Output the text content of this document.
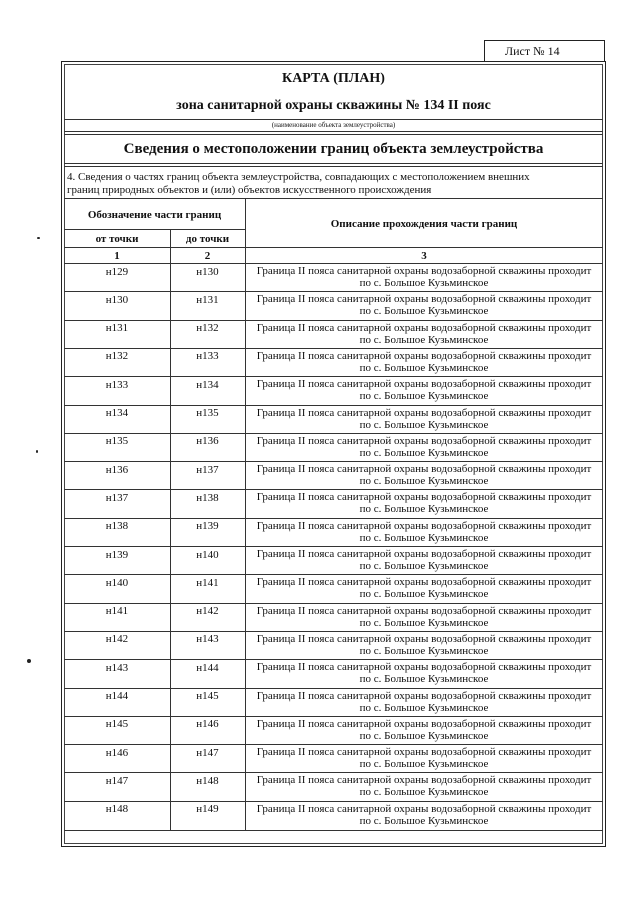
Лист № 14
КАРТА (ПЛАН)
зона санитарной охраны скважины № 134 II пояс
(наименование объекта землеустройства)
Сведения о местоположении границ объекта землеустройства
4. Сведения о частях границ объекта землеустройства, совпадающих с местоположением внешних
границ природных объектов и (или) объектов искусственного происхождения
Обозначение части границ
от точки	до точки
Описание прохождения части границ
1	2	3
н129	н130	Граница II пояса санитарной охраны водозаборной скважины проходит
по с. Большое Кузьминское
н130	н131	Граница II пояса санитарной охраны водозаборной скважины проходит
по с. Большое Кузьминское
н131	н132	Граница II пояса санитарной охраны водозаборной скважины проходит
по с. Большое Кузьминское
н132	н133	Граница II пояса санитарной охраны водозаборной скважины проходит
по с. Большое Кузьминское
н133	н134	Граница II пояса санитарной охраны водозаборной скважины проходит
по с. Большое Кузьминское
н134	н135	Граница II пояса санитарной охраны водозаборной скважины проходит
по с. Большое Кузьминское
н135	н136	Граница II пояса санитарной охраны водозаборной скважины проходит
по с. Большое Кузьминское
н136	н137	Граница II пояса санитарной охраны водозаборной скважины проходит
по с. Большое Кузьминское
н137	н138	Граница II пояса санитарной охраны водозаборной скважины проходит
по с. Большое Кузьминское
н138	н139	Граница II пояса санитарной охраны водозаборной скважины проходит
по с. Большое Кузьминское
н139	н140	Граница II пояса санитарной охраны водозаборной скважины проходит
по с. Большое Кузьминское
н140	н141	Граница II пояса санитарной охраны водозаборной скважины проходит
по с. Большое Кузьминское
н141	н142	Граница II пояса санитарной охраны водозаборной скважины проходит
по с. Большое Кузьминское
н142	н143	Граница II пояса санитарной охраны водозаборной скважины проходит
по с. Большое Кузьминское
н143	н144	Граница II пояса санитарной охраны водозаборной скважины проходит
по с. Большое Кузьминское
н144	н145	Граница II пояса санитарной охраны водозаборной скважины проходит
по с. Большое Кузьминское
н145	н146	Граница II пояса санитарной охраны водозаборной скважины проходит
по с. Большое Кузьминское
н146	н147	Граница II пояса санитарной охраны водозаборной скважины проходит
по с. Большое Кузьминское
н147	н148	Граница II пояса санитарной охраны водозаборной скважины проходит
по с. Большое Кузьминское
н148	н149	Граница II пояса санитарной охраны водозаборной скважины проходит
по с. Большое Кузьминское
